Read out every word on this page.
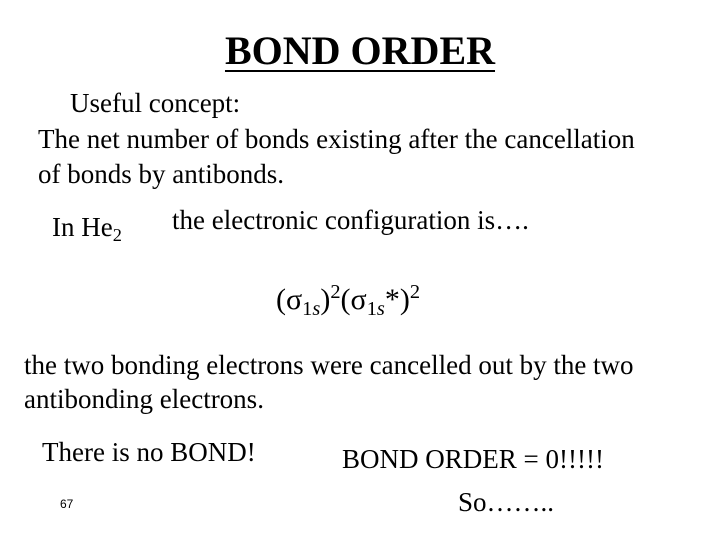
BOND ORDER

Useful concept:

The net number of bonds existing after the cancellation

of bonds by antibonds.

In $He_2$

the electronic configuration is….

$(\sigma 1s)^2(\sigma 1s*)^2$

the two bonding electrons were cancelled out by the two

antibonding electrons.

There is no BOND!	BOND ORDER = 0!!!!!

So……..

67
